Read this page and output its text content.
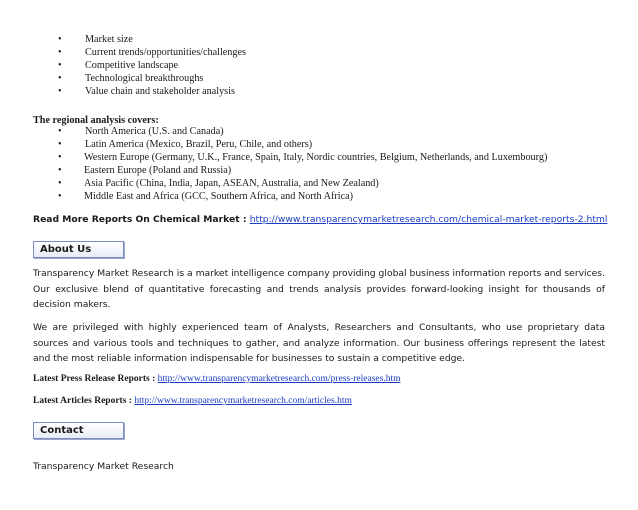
• Market size
• Current trends/opportunities/challenges
• Competitive landscape
• Technological breakthroughs
• Value chain and stakeholder analysis
The regional analysis covers:
• North America (U.S. and Canada)
• Latin America (Mexico, Brazil, Peru, Chile, and others)
• Western Europe (Germany, U.K., France, Spain, Italy, Nordic countries, Belgium, Netherlands, and Luxembourg)
• Eastern Europe (Poland and Russia)
• Asia Pacific (China, India, Japan, ASEAN, Australia, and New Zealand)
• Middle East and Africa (GCC, Southern Africa, and North Africa)
Read More Reports On Chemical Market : http://www.transparencymarketresearch.com/chemical-market-reports-2.html
About Us
Transparency Market Research is a market intelligence company providing global business information reports and services. Our exclusive blend of quantitative forecasting and trends analysis provides forward-looking insight for thousands of decision makers.
We are privileged with highly experienced team of Analysts, Researchers and Consultants, who use proprietary data sources and various tools and techniques to gather, and analyze information. Our business offerings represent the latest and the most reliable information indispensable for businesses to sustain a competitive edge.
Latest Press Release Reports : http://www.transparencymarketresearch.com/press-releases.htm
Latest Articles Reports : http://www.transparencymarketresearch.com/articles.htm
Contact
Transparency Market Research
